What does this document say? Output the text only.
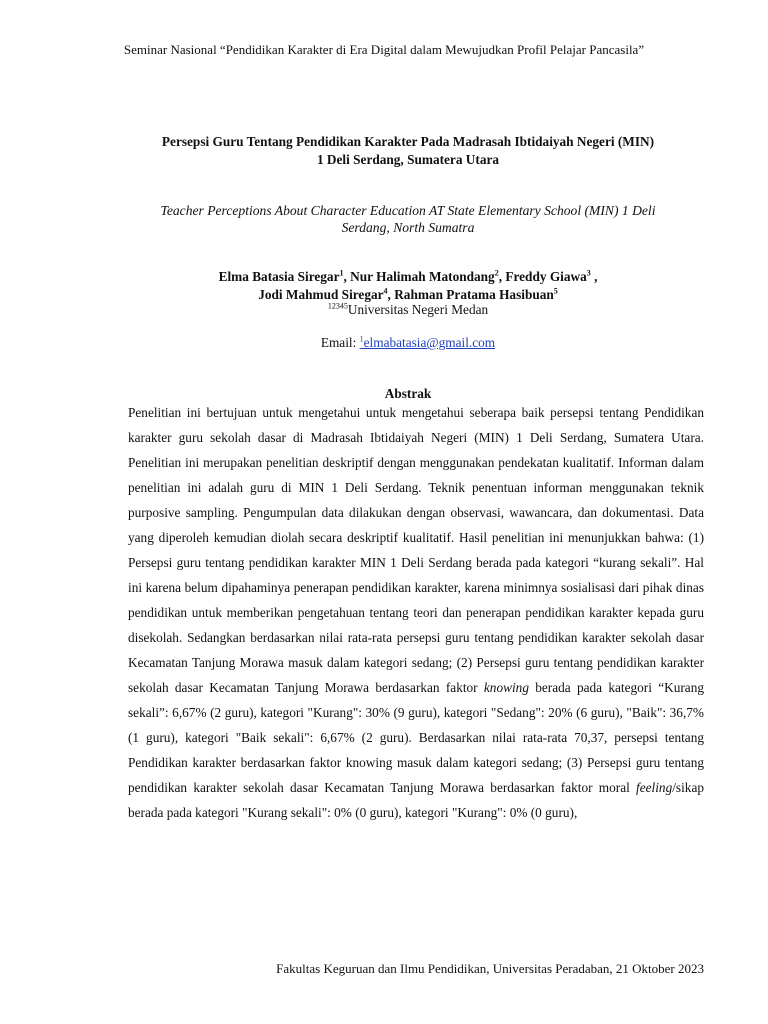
Seminar Nasional “Pendidikan Karakter di Era Digital dalam Mewujudkan Profil Pelajar Pancasila”
Persepsi Guru Tentang Pendidikan Karakter Pada Madrasah Ibtidaiyah Negeri (MIN)
1 Deli Serdang, Sumatera Utara
Teacher Perceptions About Character Education AT State Elementary School (MIN) 1 Deli
Serdang, North Sumatra
Elma Batasia Siregar$^1$, Nur Halimah Matondang$^2$, Freddy Giawa$^3$ ,
Jodi Mahmud Siregar$^4$, Rahman Pratama Hasibuan$^5$
$^{12345}$Universitas Negeri Medan
Email: $^1$elmabatasia@gmail.com
Abstrak

Penelitian ini bertujuan untuk mengetahui untuk mengetahui seberapa baik persepsi tentang Pendidikan karakter guru sekolah dasar di Madrasah Ibtidaiyah Negeri (MIN) 1 Deli Serdang, Sumatera Utara. Penelitian ini merupakan penelitian deskriptif dengan menggunakan pendekatan kualitatif. Informan dalam penelitian ini adalah guru di MIN 1 Deli Serdang. Teknik penentuan informan menggunakan teknik purposive sampling. Pengumpulan data dilakukan dengan observasi, wawancara, dan dokumentasi. Data yang diperoleh kemudian diolah secara deskriptif kualitatif. Hasil penelitian ini menunjukkan bahwa: (1) Persepsi guru tentang pendidikan karakter MIN 1 Deli Serdang berada pada kategori “kurang sekali”. Hal ini karena belum dipahaminya penerapan pendidikan karakter, karena minimnya sosialisasi dari pihak dinas pendidikan untuk memberikan pengetahuan tentang teori dan penerapan pendidikan karakter kepada guru disekolah. Sedangkan berdasarkan nilai rata-rata persepsi guru tentang pendidikan karakter sekolah dasar Kecamatan Tanjung Morawa masuk dalam kategori sedang; (2) Persepsi guru tentang pendidikan karakter sekolah dasar Kecamatan Tanjung Morawa berdasarkan faktor knowing berada pada kategori “Kurang sekali”: 6,67% (2 guru), kategori "Kurang": 30% (9 guru), kategori "Sedang": 20% (6 guru), "Baik": 36,7% (1 guru), kategori "Baik sekali": 6,67% (2 guru). Berdasarkan nilai rata-rata 70,37, persepsi tentang Pendidikan karakter berdasarkan faktor knowing masuk dalam kategori sedang; (3) Persepsi guru tentang pendidikan karakter sekolah dasar Kecamatan Tanjung Morawa berdasarkan faktor moral feeling/sikap berada pada kategori "Kurang sekali": 0% (0 guru), kategori "Kurang": 0% (0 guru),

Fakultas Keguruan dan Ilmu Pendidikan, Universitas Peradaban, 21 Oktober 2023
